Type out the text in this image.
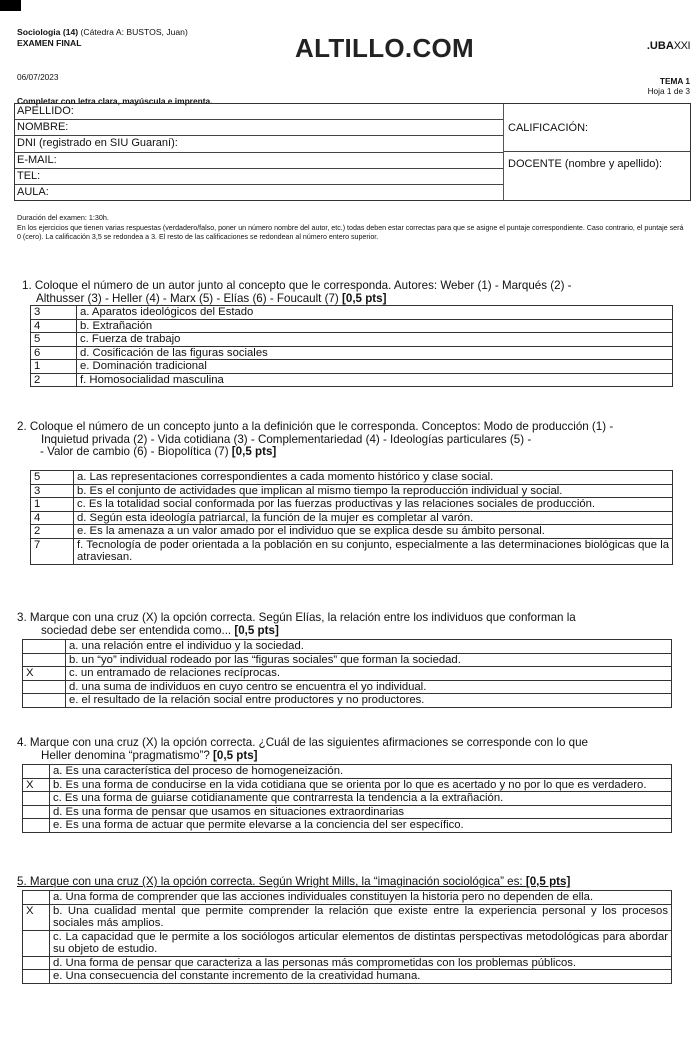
Sociologia (14) (Cátedra A: BUSTOS, Juan)
EXAMEN FINAL
06/07/2023
ALTILLO.COM	.UBAXXI
TEMA 1
Hoja 1 de 3
Completar con letra clara, mayúscula e imprenta.
APELLIDO:
NOMBRE:
DNI (registrado en SIU Guaraní):
E-MAIL:
TEL:
AULA:
CALIFICACIÓN:
DOCENTE (nombre y apellido):
Duración del examen: 1:30h.
En los ejercicios que tienen varias respuestas (verdadero/falso, poner un número nombre del autor, etc.) todas deben estar correctas para que se asigne el puntaje correspondiente. Caso contrario, el puntaje será 0 (cero). La calificación 3,5 se redondea a 3. El resto de las calificaciones se redondean al número entero superior.
1. Coloque el número de un autor junto al concepto que le corresponda. Autores: Weber (1) - Marqués (2) -
Althusser (3) - Heller (4) - Marx (5) - Elías (6) - Foucault (7) [0,5 pts]
3	a. Aparatos ideológicos del Estado
4	b. Extrañación
5	c. Fuerza de trabajo
6	d. Cosificación de las figuras sociales
1	e. Dominación tradicional
2	f. Homosocialidad masculina
2. Coloque el número de un concepto junto a la definición que le corresponda. Conceptos: Modo de producción (1) -
Inquietud privada (2) - Vida cotidiana (3) - Complementariedad (4) - Ideologías particulares (5) -
- Valor de cambio (6) - Biopolítica (7) [0,5 pts]
5	a. Las representaciones correspondientes a cada momento histórico y clase social.
3	b. Es el conjunto de actividades que implican al mismo tiempo la reproducción individual y social.
1	c. Es la totalidad social conformada por las fuerzas productivas y las relaciones sociales de producción.
4	d. Según esta ideología patriarcal, la función de la mujer es completar al varón.
2	e. Es la amenaza a un valor amado por el individuo que se explica desde su ámbito personal.
7	f. Tecnología de poder orientada a la población en su conjunto, especialmente a las determinaciones biológicas que la atraviesan.
3. Marque con una cruz (X) la opción correcta. Según Elías, la relación entre los individuos que conforman la
sociedad debe ser entendida como... [0,5 pts]
	a. una relación entre el individuo y la sociedad.
	b. un “yo” individual rodeado por las “figuras sociales” que forman la sociedad.
X	c. un entramado de relaciones recíprocas.
	d. una suma de individuos en cuyo centro se encuentra el yo individual.
	e. el resultado de la relación social entre productores y no productores.
4. Marque con una cruz (X) la opción correcta. ¿Cuál de las siguientes afirmaciones se corresponde con lo que
Heller denomina “pragmatismo”? [0,5 pts]
	a. Es una característica del proceso de homogeneización.
X	b. Es una forma de conducirse en la vida cotidiana que se orienta por lo que es acertado y no por lo que es verdadero.
	c. Es una forma de guiarse cotidianamente que contrarresta la tendencia a la extrañación.
	d. Es una forma de pensar que usamos en situaciones extraordinarias
	e. Es una forma de actuar que permite elevarse a la conciencia del ser específico.
5. Marque con una cruz (X) la opción correcta. Según Wright Mills, la “imaginación sociológica” es: [0,5 pts]
	a. Una forma de comprender que las acciones individuales constituyen la historia pero no dependen de ella.
X	b. Una cualidad mental que permite comprender la relación que existe entre la experiencia personal y los procesos sociales más amplios.
	c. La capacidad que le permite a los sociólogos articular elementos de distintas perspectivas metodológicas para abordar su objeto de estudio.
	d. Una forma de pensar que caracteriza a las personas más comprometidas con los problemas públicos.
	e. Una consecuencia del constante incremento de la creatividad humana.
